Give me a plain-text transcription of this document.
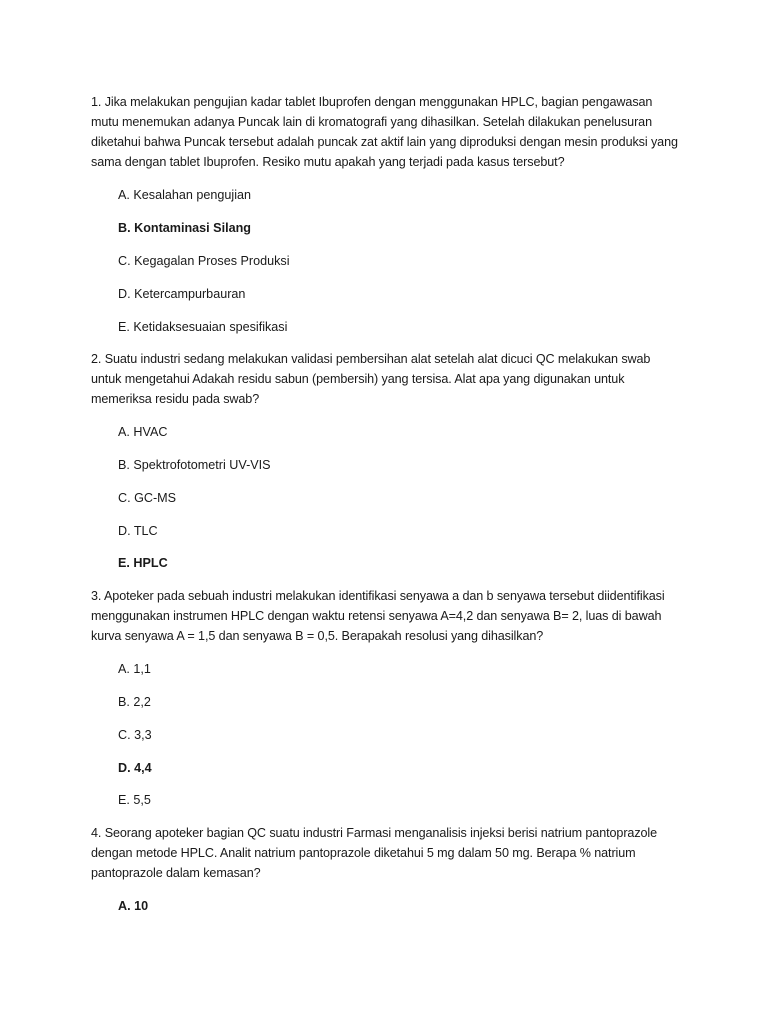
1. Jika melakukan pengujian kadar tablet Ibuprofen dengan menggunakan HPLC, bagian pengawasan mutu menemukan adanya Puncak lain di kromatografi yang dihasilkan. Setelah dilakukan penelusuran diketahui bahwa Puncak tersebut adalah puncak zat aktif lain yang diproduksi dengan mesin produksi yang sama dengan tablet Ibuprofen. Resiko mutu apakah yang terjadi pada kasus tersebut?

A. Kesalahan pengujian
B. Kontaminasi Silang
C. Kegagalan Proses Produksi
D. Ketercampurbauran
E. Ketidaksesuaian spesifikasi

2. Suatu industri sedang melakukan validasi pembersihan alat setelah alat dicuci QC melakukan swab untuk mengetahui Adakah residu sabun (pembersih) yang tersisa. Alat apa yang digunakan untuk memeriksa residu pada swab?

A. HVAC
B. Spektrofotometri UV-VIS
C. GC-MS
D. TLC
E. HPLC

3. Apoteker pada sebuah industri melakukan identifikasi senyawa a dan b senyawa tersebut diidentifikasi menggunakan instrumen HPLC dengan waktu retensi senyawa A=4,2 dan senyawa B= 2, luas di bawah kurva senyawa A = 1,5 dan senyawa B = 0,5. Berapakah resolusi yang dihasilkan?

A. 1,1
B. 2,2
C. 3,3
D. 4,4
E. 5,5

4. Seorang apoteker bagian QC suatu industri Farmasi menganalisis injeksi berisi natrium pantoprazole dengan metode HPLC. Analit natrium pantoprazole diketahui 5 mg dalam 50 mg. Berapa % natrium pantoprazole dalam kemasan?

A. 10
